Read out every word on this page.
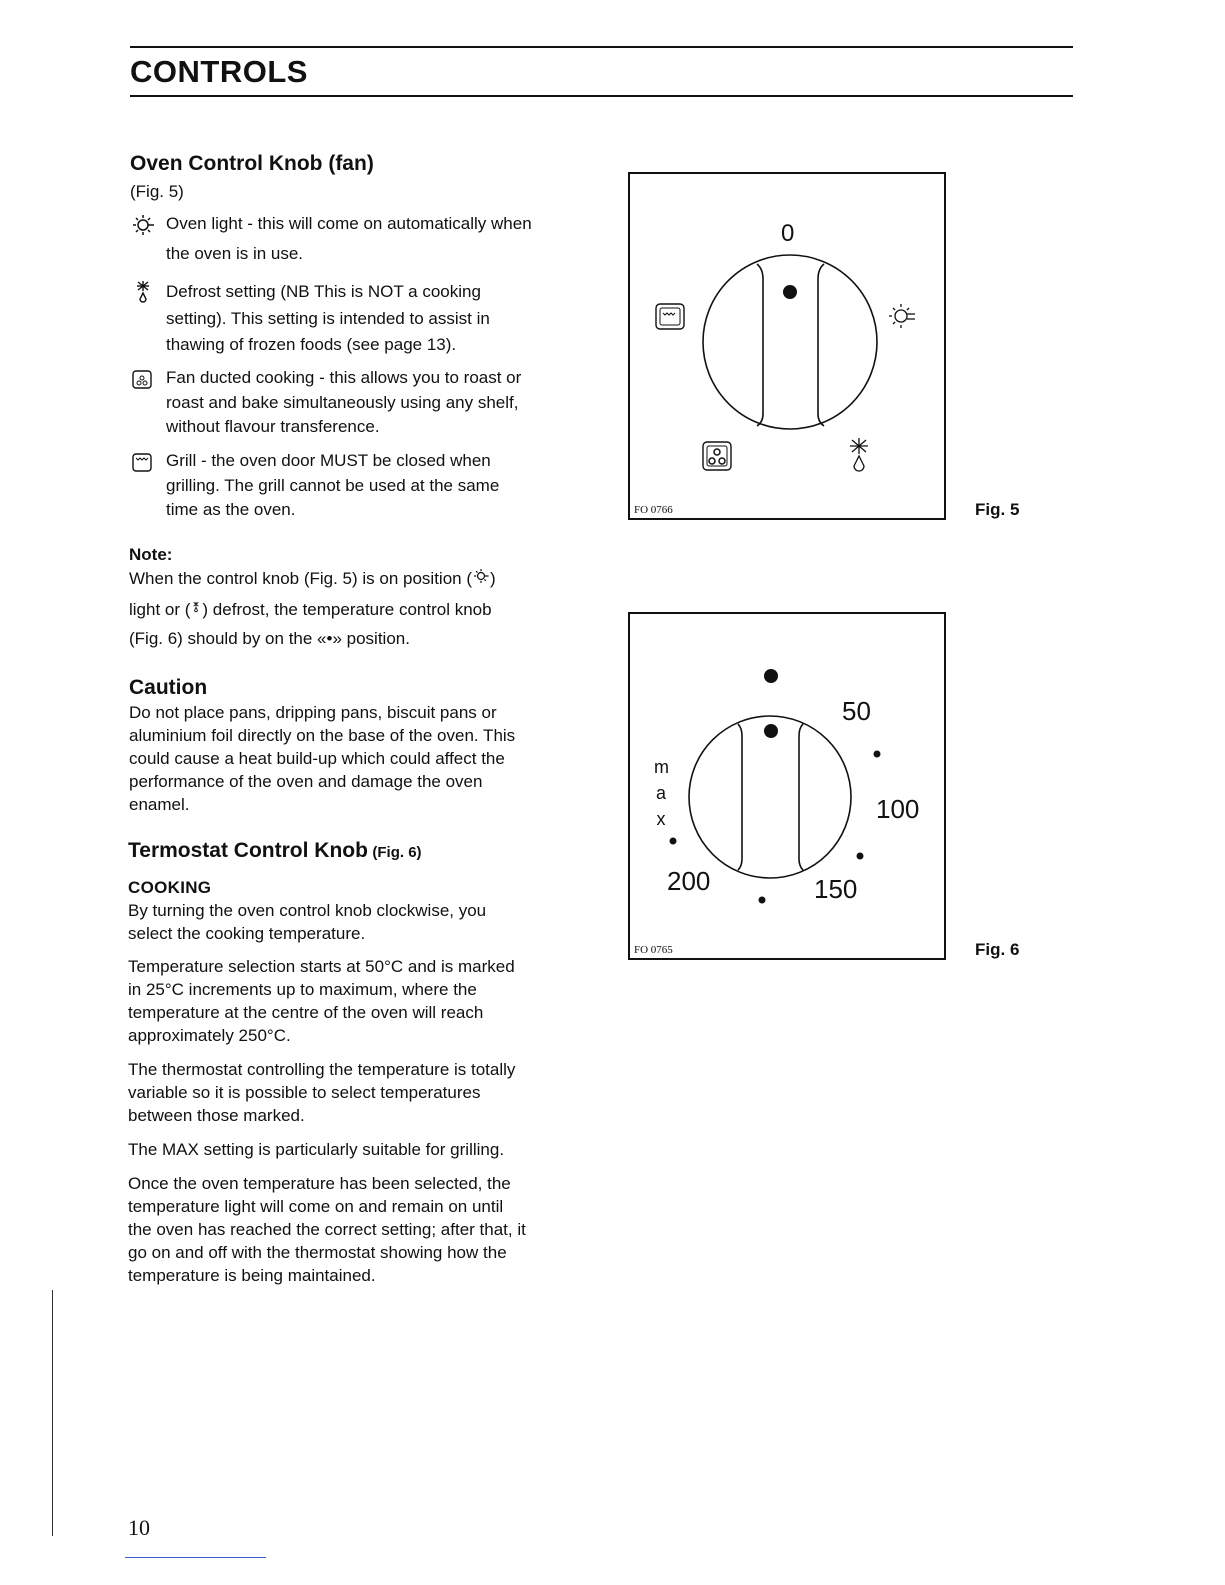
CONTROLS
Oven Control Knob (fan)
(Fig. 5)
Oven light - this will come on automatically when
the oven is in use.
Defrost setting (NB This is NOT a cooking
setting). This setting is intended to assist in
thawing of frozen foods (see page 13).
Fan ducted cooking - this allows you to roast or
roast and bake simultaneously using any shelf,
without flavour transference.
Grill - the oven door MUST be closed when
grilling. The grill cannot be used at the same
time as the oven.
Note:
When the control knob (Fig. 5) is on position ( )
light or ( ) defrost, the temperature control knob
(Fig. 6) should by on the «•» position.
Caution
Do not place pans, dripping pans, biscuit pans or
aluminium foil directly on the base of the oven. This
could cause a heat build-up which could affect the
performance of the oven and damage the oven
enamel.
Termostat Control Knob (Fig. 6)
COOKING
By turning the oven control knob clockwise, you
select the cooking temperature.
Temperature selection starts at 50°C and is marked
in 25°C increments up to maximum, where the
temperature at the centre of the oven will reach
approximately 250°C.
The thermostat controlling the temperature is totally
variable so it is possible to select temperatures
between those marked.
The MAX setting is particularly suitable for grilling.
Once the oven temperature has been selected, the
temperature light will come on and remain on until
the oven has reached the correct setting; after that, it
go on and off with the thermostat showing how the
temperature is being maintained.
0
FO 0766	Fig. 5
50
100
150
200
m
a
x
FO 0765	Fig. 6
10
